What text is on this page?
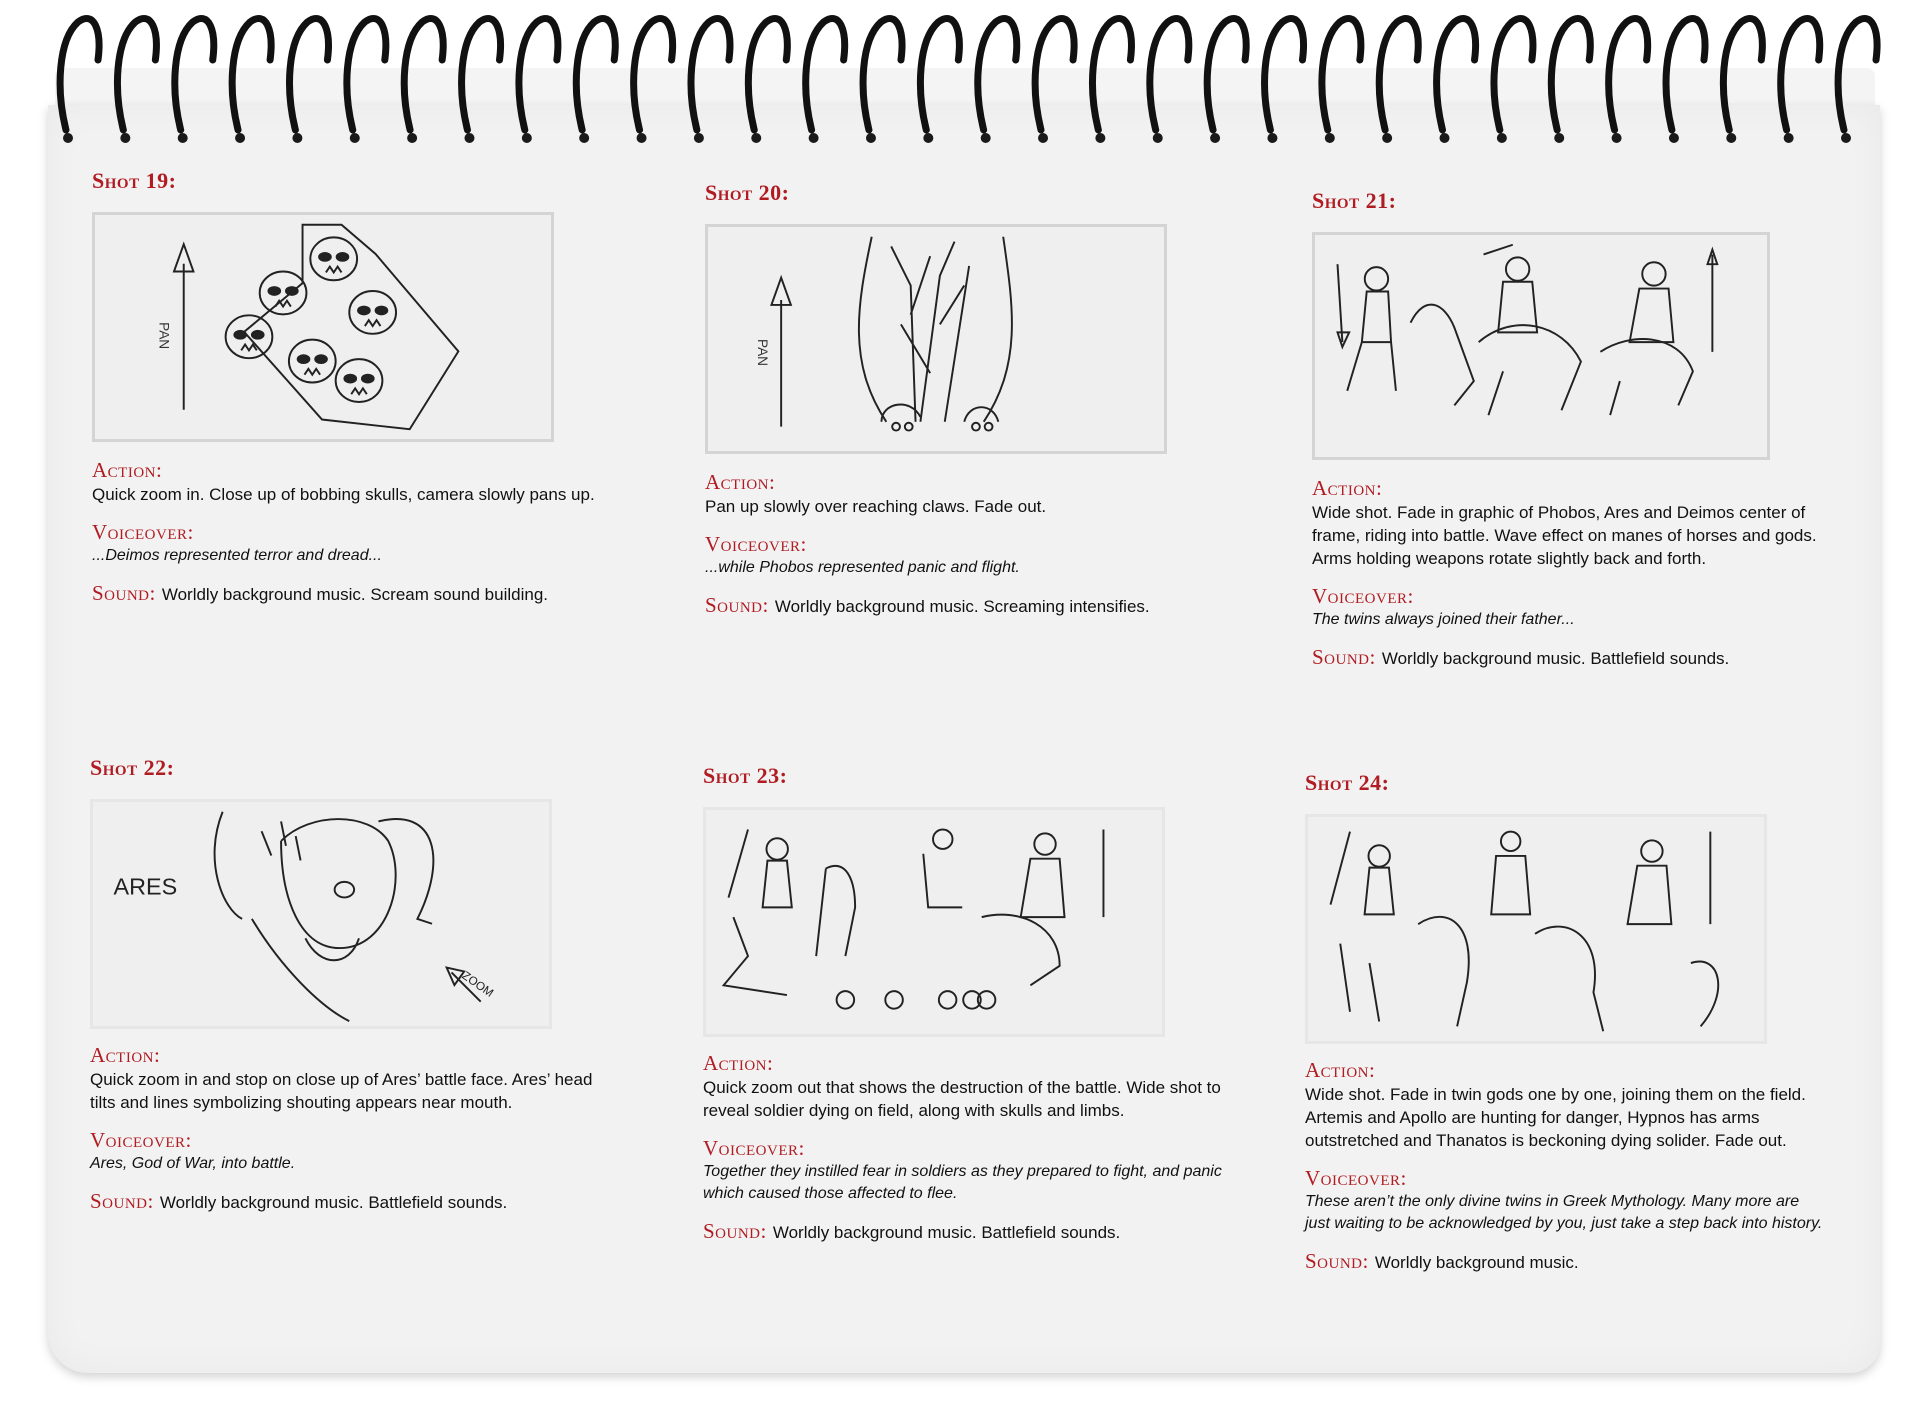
Shot 19:
PAN
Action:
Quick zoom in. Close up of bobbing skulls, camera slowly pans up.
Voiceover:
...Deimos represented terror and dread...
Sound: Worldly background music. Scream sound building.
Shot 20:
PAN
Action:
Pan up slowly over reaching claws. Fade out.
Voiceover:
...while Phobos represented panic and flight.
Sound: Worldly background music. Screaming intensifies.
Shot 21:
Action:
Wide shot. Fade in graphic of Phobos, Ares and Deimos center of frame, riding into battle. Wave effect on manes of horses and gods. Arms holding weapons rotate slightly back and forth.
Voiceover:
The twins always joined their father...
Sound: Worldly background music. Battlefield sounds.
Shot 22:
ARES
ZOOM
Action:
Quick zoom in and stop on close up of Ares’ battle face. Ares’ head tilts and lines symbolizing shouting appears near mouth.
Voiceover:
Ares, God of War, into battle.
Sound: Worldly background music. Battlefield sounds.
Shot 23:
Action:
Quick zoom out that shows the destruction of the battle. Wide shot to reveal soldier dying on field, along with skulls and limbs.
Voiceover:
Together they instilled fear in soldiers as they prepared to fight, and panic which caused those affected to flee.
Sound: Worldly background music. Battlefield sounds.
Shot 24:
Action:
Wide shot. Fade in twin gods one by one, joining them on the field. Artemis and Apollo are hunting for danger, Hypnos has arms outstretched and Thanatos is beckoning dying solider. Fade out.
Voiceover:
These aren’t the only divine twins in Greek Mythology. Many more are just waiting to be acknowledged by you, just take a step back into history.
Sound: Worldly background music.
